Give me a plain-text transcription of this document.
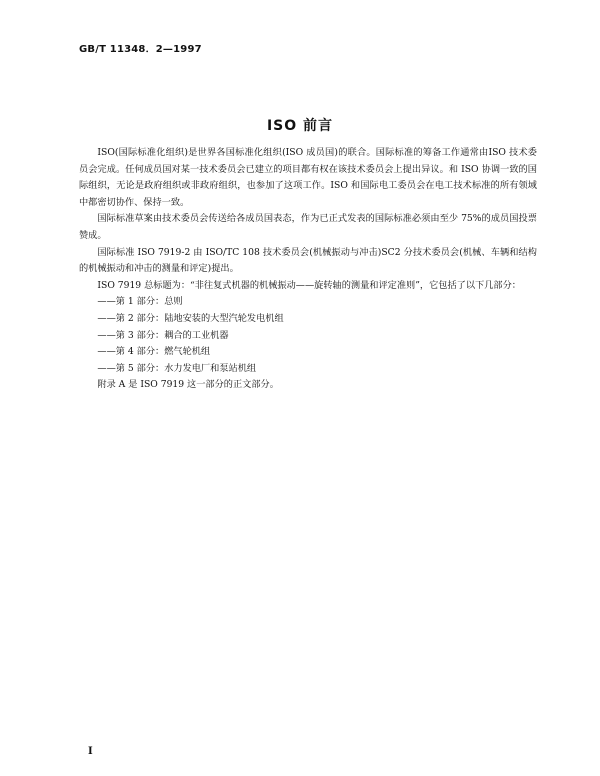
GB/T 11348．2—1997
ISO 前言

ISO(国际标准化组织)是世界各国标准化组织(ISO 成员国)的联合。国际标准的筹备工作通常由ISO 技术委员会完成。任何成员国对某一技术委员会已建立的项目都有权在该技术委员会上提出异议。和 ISO 协调一致的国际组织，无论是政府组织或非政府组织，也参加了这项工作。ISO 和国际电工委员会在电工技术标准的所有领域中都密切协作、保持一致。

国际标准草案由技术委员会传送给各成员国表态，作为已正式发表的国际标准必须由至少 75%的成员国投票赞成。

国际标准 ISO 7919-2 由 ISO/TC 108 技术委员会(机械振动与冲击)SC2 分技术委员会(机械、车辆和结构的机械振动和冲击的测量和评定)提出。

ISO 7919 总标题为：“非往复式机器的机械振动——旋转轴的测量和评定准则”，它包括了以下几部分：

——第 1 部分：总则

——第 2 部分：陆地安装的大型汽轮发电机组

——第 3 部分：耦合的工业机器

——第 4 部分：燃气轮机组

——第 5 部分：水力发电厂和泵站机组

附录 A 是 ISO 7919 这一部分的正文部分。

I
